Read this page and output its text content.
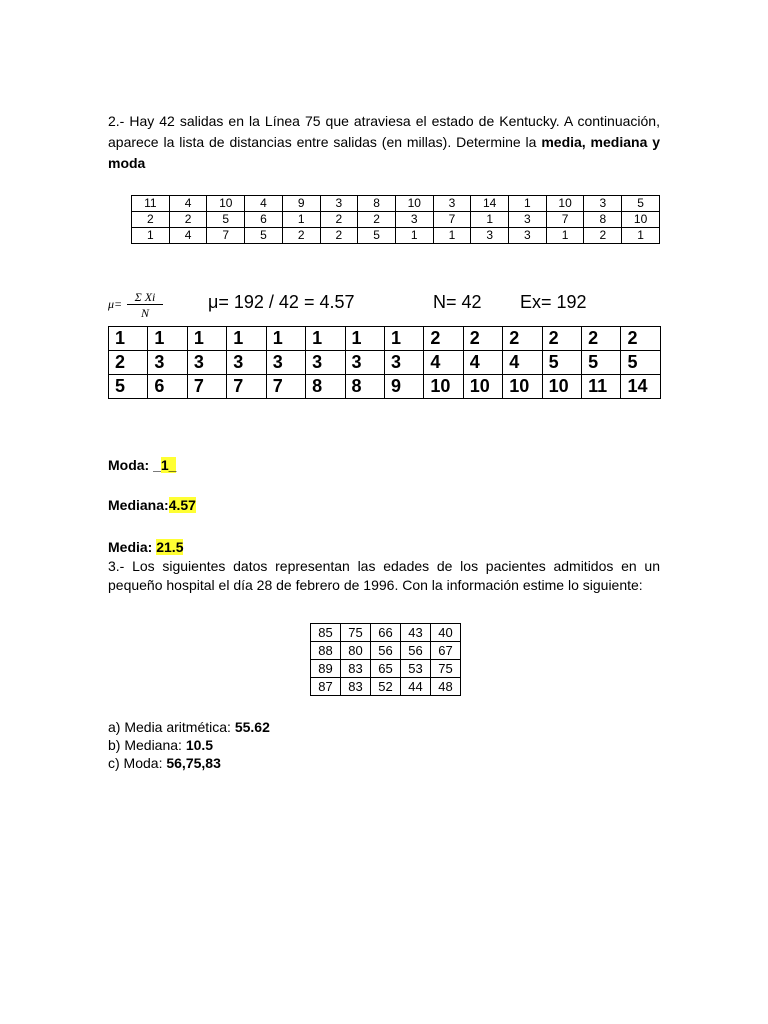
2.- Hay 42 salidas en la Línea 75 que atraviesa el estado de Kentucky. A continuación, aparece la lista de distancias entre salidas (en millas). Determine la media, mediana y moda
11	4	10	4	9	3	8	10	3	14	1	10	3	5
2	2	5	6	1	2	2	3	7	1	3	7	8	10
1	4	7	5	2	2	5	1	1	3	3	1	2	1
$\mu= \frac{\text{Σ Xi}}{N}$	μ= 192 / 42 = 4.57	N= 42 Ex= 192
1	1	1	1	1	1	1	1	2	2	2	2	2	2
2	3	3	3	3	3	3	3	4	4	4	5	5	5
5	6	7	7	7	8	8	9	10	10	10	10	11	14
Moda: _1_
Mediana:4.57
Media: 21.5
3.- Los siguientes datos representan las edades de los pacientes admitidos en un pequeño hospital el día 28 de febrero de 1996. Con la información estime lo siguiente:
85	75	66	43	40
88	80	56	56	67
89	83	65	53	75
87	83	52	44	48
a) Media aritmética: 55.62
b) Mediana: 10.5
c) Moda: 56,75,83
